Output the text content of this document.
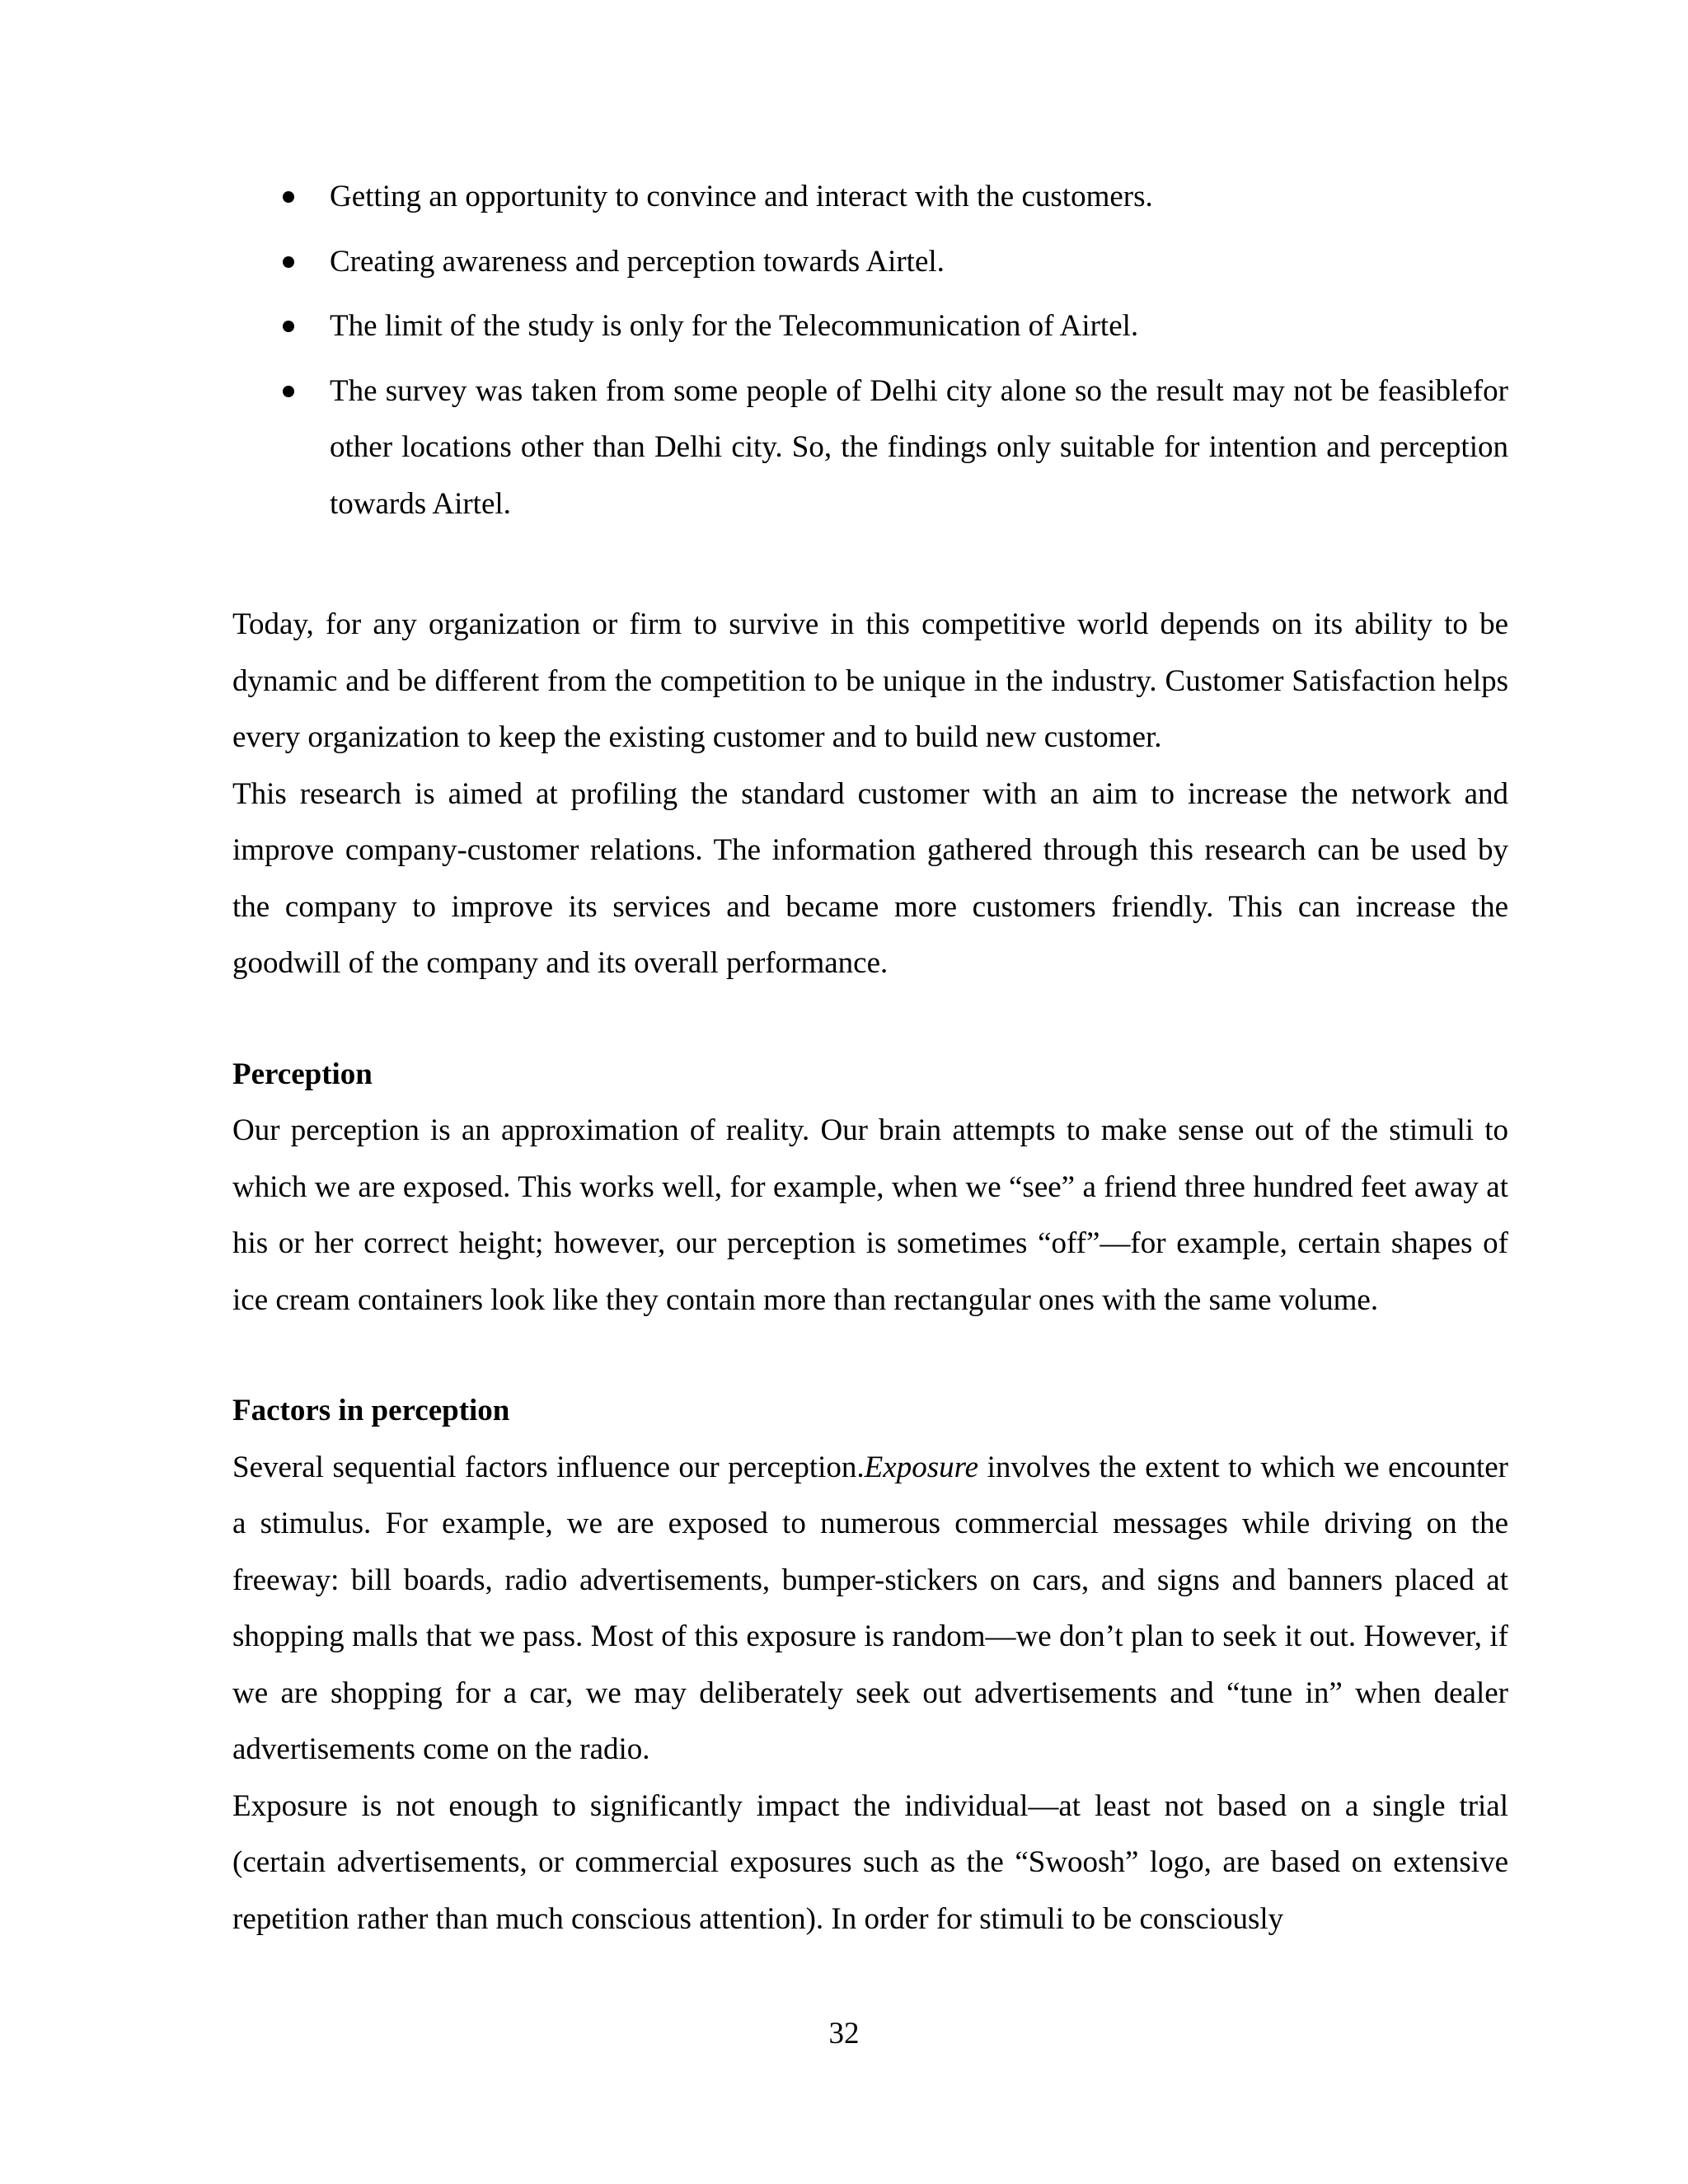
Getting an opportunity to convince and interact with the customers.
Creating awareness and perception towards Airtel.
The limit of the study is only for the Telecommunication of Airtel.
The survey was taken from some people of Delhi city alone so the result may not be feasiblefor other locations other than Delhi city. So, the findings only suitable for intention and perception towards Airtel.

Today, for any organization or firm to survive in this competitive world depends on its ability to be dynamic and be different from the competition to be unique in the industry. Customer Satisfaction helps every organization to keep the existing customer and to build new customer.

This research is aimed at profiling the standard customer with an aim to increase the network and improve company-customer relations. The information gathered through this research can be used by the company to improve its services and became more customers friendly. This can increase the goodwill of the company and its overall performance.

Perception

Our perception is an approximation of reality. Our brain attempts to make sense out of the stimuli to which we are exposed. This works well, for example, when we “see” a friend three hundred feet away at his or her correct height; however, our perception is sometimes “off”—for example, certain shapes of ice cream containers look like they contain more than rectangular ones with the same volume.

Factors in perception

Several sequential factors influence our perception.Exposure involves the extent to which we encounter a stimulus. For example, we are exposed to numerous commercial messages while driving on the freeway: bill boards, radio advertisements, bumper-stickers on cars, and signs and banners placed at shopping malls that we pass. Most of this exposure is random—we don’t plan to seek it out. However, if we are shopping for a car, we may deliberately seek out advertisements and “tune in” when dealer advertisements come on the radio.

Exposure is not enough to significantly impact the individual—at least not based on a single trial (certain advertisements, or commercial exposures such as the “Swoosh” logo, are based on extensive repetition rather than much conscious attention). In order for stimuli to be consciously

32
